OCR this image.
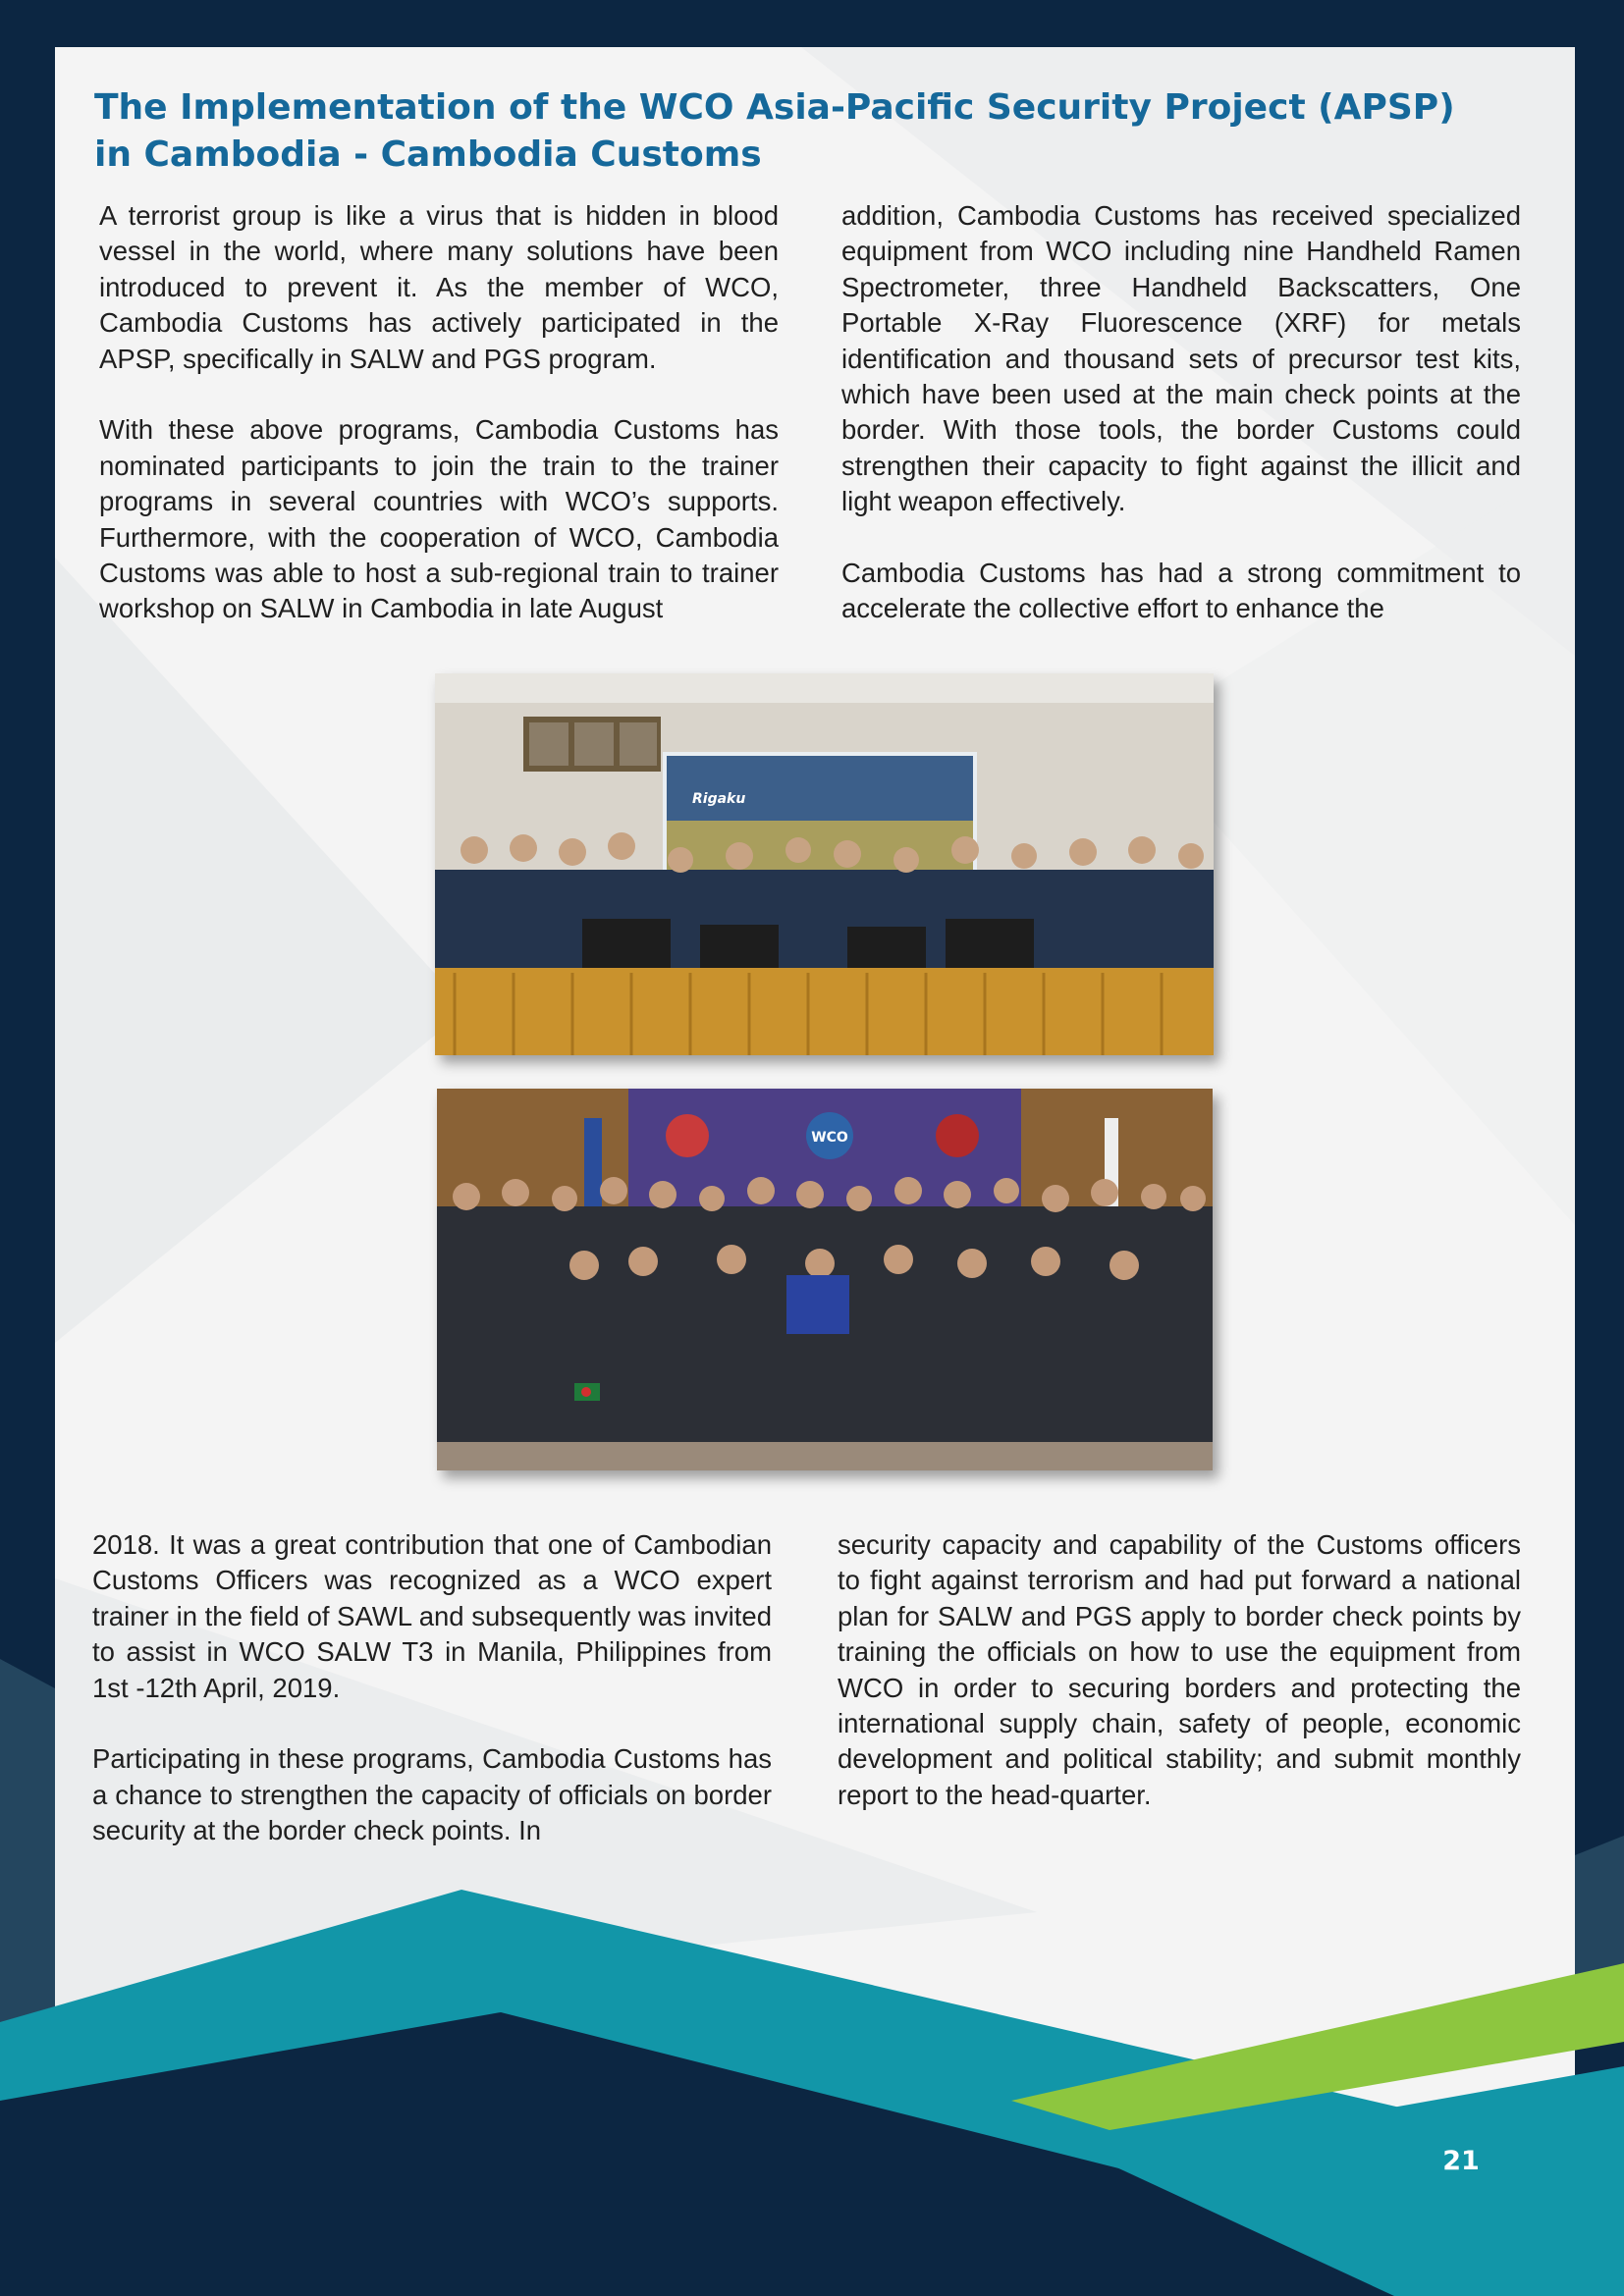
The Implementation of the WCO Asia-Pacific Security Project (APSP)
in Cambodia - Cambodia Customs

A terrorist group is like a virus that is hidden in blood vessel in the world, where many solutions have been introduced to prevent it. As the member of WCO, Cambodia Customs has actively participated in the APSP, specifically in SALW and PGS program.

With these above programs, Cambodia Customs has nominated participants to join the train to the trainer programs in several countries with WCO’s supports. Furthermore, with the cooperation of WCO, Cambodia Customs was able to host a sub-regional train to trainer workshop on SALW in Cambodia in late August

addition, Cambodia Customs has received specialized equipment from WCO including nine Handheld Ramen Spectrometer, three Handheld Backscatters, One Portable X-Ray Fluorescence (XRF) for metals identification and thousand sets of precursor test kits, which have been used at the main check points at the border. With those tools, the border Customs could strengthen their capacity to fight against the illicit and light weapon effectively.

Cambodia Customs has had a strong commitment to accelerate the collective effort to enhance the

Rigaku
WCO

2018. It was a great contribution that one of Cambodian Customs Officers was recognized as a WCO expert trainer in the field of SAWL and subsequently was invited to assist in WCO SALW T3 in Manila, Philippines from 1st -12th April, 2019.

Participating in these programs, Cambodia Customs has a chance to strengthen the capacity of officials on border security at the border check points. In

security capacity and capability of the Customs officers to fight against terrorism and had put forward a national plan for SALW and PGS apply to border check points by training the officials on how to use the equipment from WCO in order to securing borders and protecting the international supply chain, safety of people, economic development and political stability; and submit monthly report to the head-quarter.

21
